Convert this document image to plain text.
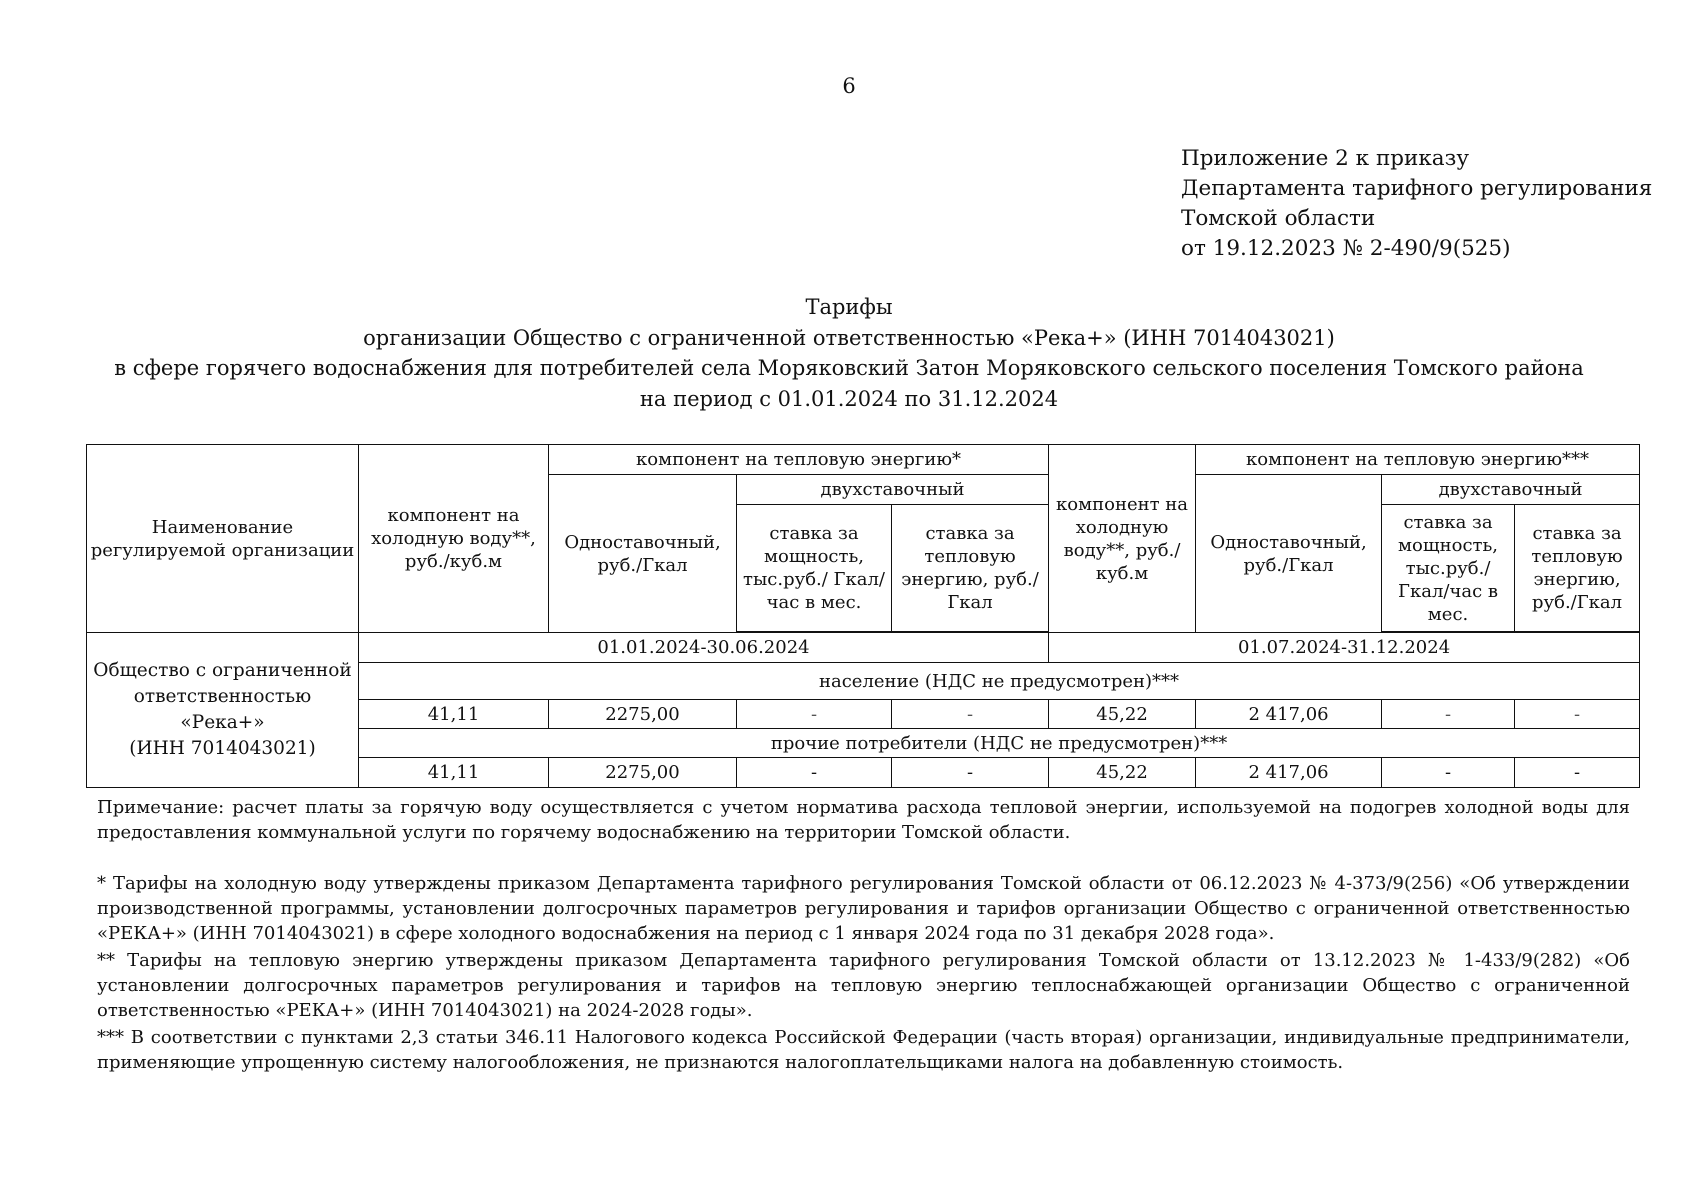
6
Приложение 2 к приказу
Департамента тарифного регулирования
Томской области
от 19.12.2023 № 2-490/9(525)
Тарифы
организации Общество с ограниченной ответственностью «Река+» (ИНН 7014043021)
в сфере горячего водоснабжения для потребителей села Моряковский Затон Моряковского сельского поселения Томского района
на период с 01.01.2024 по 31.12.2024
Наименование регулируемой организации	компонент на холодную воду**, руб./куб.м	компонент на тепловую энергию*			компонент на холодную воду**, руб./куб.м	компонент на тепловую энергию***		
		Одноставочный, руб./Гкал	двухставочный			Одноставочный, руб./Гкал	двухставочный	
			ставка за мощность, тыс.руб./ Гкал/час в мес.	ставка за тепловую энергию, руб./Гкал			ставка за мощность, тыс.руб./ Гкал/час в мес.	ставка за тепловую энергию, руб./Гкал

Общество с ограниченной
ответственностью
«Река+»
(ИНН 7014043021)	01.01.2024-30.06.2024				01.07.2024-31.12.2024			
	население (НДС не предусмотрен)***							
	41,11	2275,00	-	-	45,22	2 417,06	-	-
	прочие потребители (НДС не предусмотрен)***							
	41,11	2275,00	-	-	45,22	2 417,06	-	-
Примечание: расчет платы за горячую воду осуществляется с учетом норматива расхода тепловой энергии, используемой на подогрев холодной воды для предоставления коммунальной услуги по горячему водоснабжению на территории Томской области.

* Тарифы на холодную воду утверждены приказом Департамента тарифного регулирования Томской области от 06.12.2023 № 4-373/9(256) «Об утверждении производственной программы, установлении долгосрочных параметров регулирования и тарифов организации Общество с ограниченной ответственностью «РЕКА+» (ИНН 7014043021) в сфере холодного водоснабжения на период с 1 января 2024 года по 31 декабря 2028 года».

** Тарифы на тепловую энергию утверждены приказом Департамента тарифного регулирования Томской области от 13.12.2023 № 1-433/9(282) «Об установлении долгосрочных параметров регулирования и тарифов на тепловую энергию теплоснабжающей организации Общество с ограниченной ответственностью «РЕКА+» (ИНН 7014043021) на 2024-2028 годы».

*** В соответствии с пунктами 2,3 статьи 346.11 Налогового кодекса Российской Федерации (часть вторая) организации, индивидуальные предприниматели, применяющие упрощенную систему налогообложения, не признаются налогоплательщиками налога на добавленную стоимость.
